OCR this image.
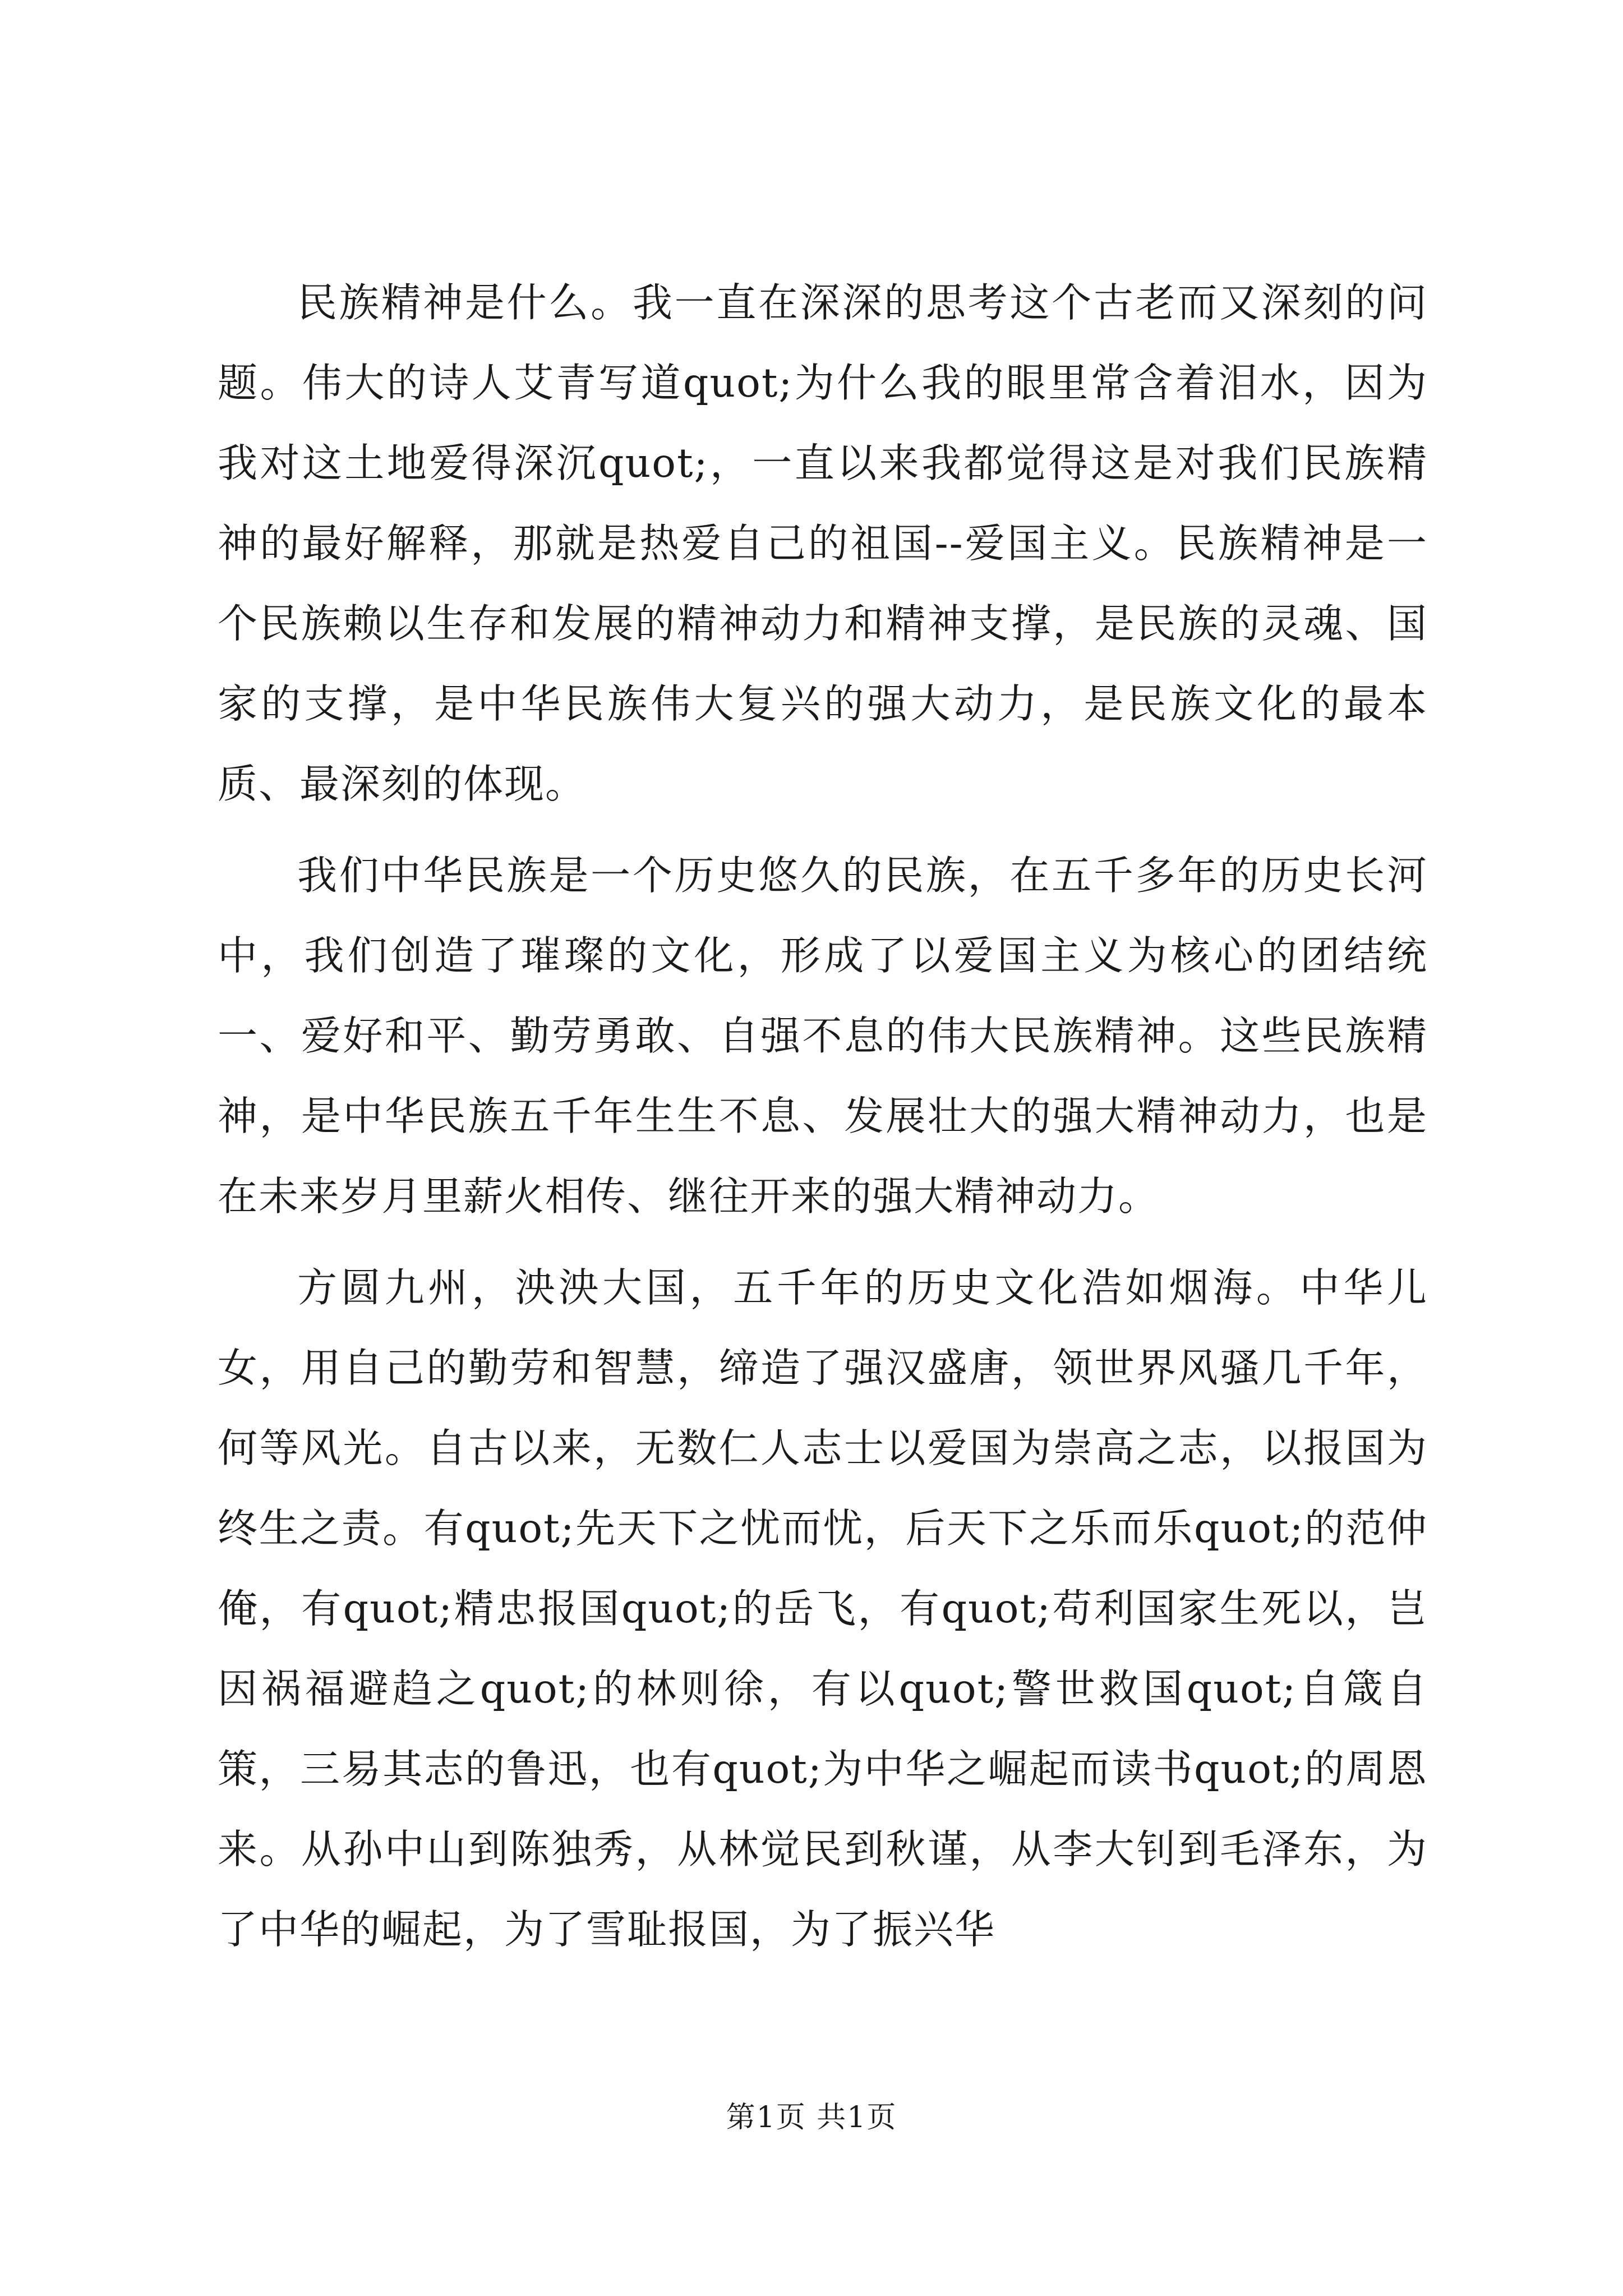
民族精神是什么。我一直在深深的思考这个古老而又深刻的问题。伟大的诗人艾青写道quot;为什么我的眼里常含着泪水，因为我对这土地爱得深沉quot;，一直以来我都觉得这是对我们民族精神的最好解释，那就是热爱自己的祖国--爱国主义。民族精神是一个民族赖以生存和发展的精神动力和精神支撑，是民族的灵魂、国家的支撑，是中华民族伟大复兴的强大动力，是民族文化的最本质、最深刻的体现。

我们中华民族是一个历史悠久的民族，在五千多年的历史长河中，我们创造了璀璨的文化，形成了以爱国主义为核心的团结统一、爱好和平、勤劳勇敢、自强不息的伟大民族精神。这些民族精神，是中华民族五千年生生不息、发展壮大的强大精神动力，也是在未来岁月里薪火相传、继往开来的强大精神动力。

方圆九州，泱泱大国，五千年的历史文化浩如烟海。中华儿女，用自己的勤劳和智慧，缔造了强汉盛唐，领世界风骚几千年，何等风光。自古以来，无数仁人志士以爱国为崇高之志，以报国为终生之责。有quot;先天下之忧而忧，后天下之乐而乐quot;的范仲俺，有quot;精忠报国quot;的岳飞，有quot;苟利国家生死以，岂因祸福避趋之quot;的林则徐，有以quot;警世救国quot;自箴自策，三易其志的鲁迅，也有quot;为中华之崛起而读书quot;的周恩来。从孙中山到陈独秀，从林觉民到秋谨，从李大钊到毛泽东，为了中华的崛起，为了雪耻报国，为了振兴华

第1页 共1页
